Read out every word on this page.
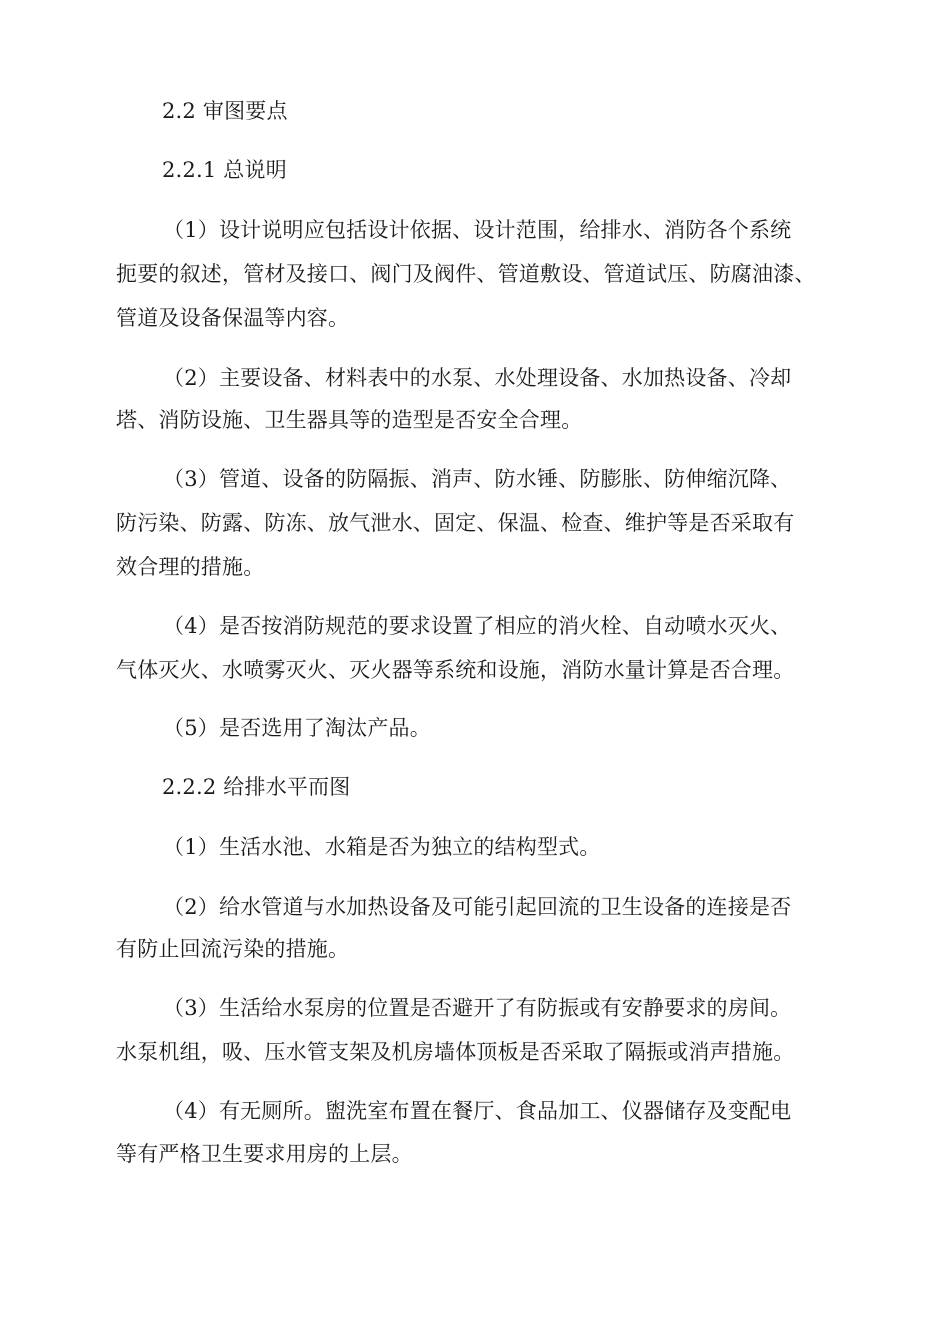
2.2 审图要点
2.2.1 总说明
（1）设计说明应包括设计依据、设计范围，给排水、消防各个系统
扼要的叙述，管材及接口、阀门及阀件、管道敷设、管道试压、防腐油漆、
管道及设备保温等内容。
（2）主要设备、材料表中的水泵、水处理设备、水加热设备、冷却
塔、消防设施、卫生器具等的造型是否安全合理。
（3）管道、设备的防隔振、消声、防水锤、防膨胀、防伸缩沉降、
防污染、防露、防冻、放气泄水、固定、保温、检查、维护等是否采取有
效合理的措施。
（4）是否按消防规范的要求设置了相应的消火栓、自动喷水灭火、
气体灭火、水喷雾灭火、灭火器等系统和设施，消防水量计算是否合理。
（5）是否选用了淘汰产品。
2.2.2 给排水平而图
（1）生活水池、水箱是否为独立的结构型式。
（2）给水管道与水加热设备及可能引起回流的卫生设备的连接是否
有防止回流污染的措施。
（3）生活给水泵房的位置是否避开了有防振或有安静要求的房间。
水泵机组，吸、压水管支架及机房墙体顶板是否采取了隔振或消声措施。
（4）有无厕所。盥洗室布置在餐厅、食品加工、仪器储存及变配电
等有严格卫生要求用房的上层。
